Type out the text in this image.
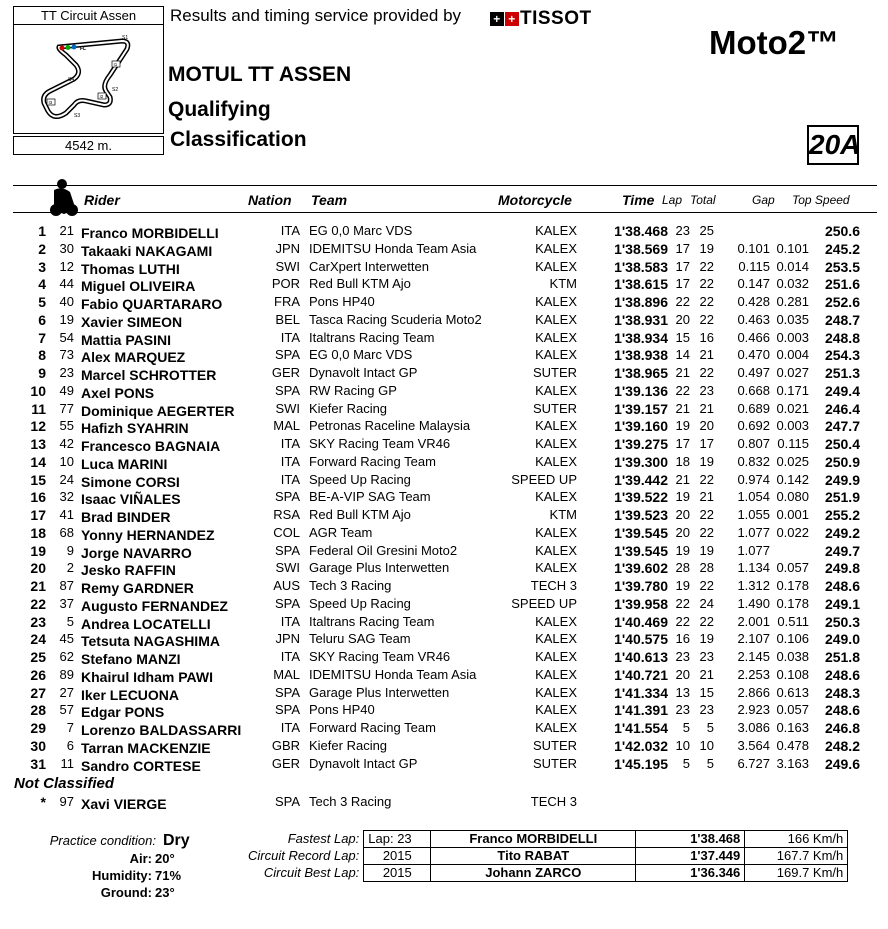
TT Circuit Assen
FL
S1
S2
S3
S4
I1
I2
I3
4542 m.
Results and timing service provided by	+ + TISSOT
MOTUL TT ASSEN
Qualifying
Classification
Moto2™
20A
Rider	Nation Team	Motorcycle	Time Lap Total	Gap Top Speed
1	21 Franco MORBIDELLI	ITA EG 0,0 Marc VDS	KALEX	1'38.468 23 25	250.6
2	30 Takaaki NAKAGAMI	JPN IDEMITSU Honda Team Asia	KALEX	1'38.569 17 19	0.101 0.101	245.2
3	12 Thomas LUTHI	SWI CarXpert Interwetten	KALEX	1'38.583 17 22	0.115 0.014	253.5
4	44 Miguel OLIVEIRA	POR Red Bull KTM Ajo	KTM	1'38.615 17 22	0.147 0.032	251.6
5	40 Fabio QUARTARARO	FRA Pons HP40	KALEX	1'38.896 22 22	0.428 0.281	252.6
6	19 Xavier SIMEON	BEL Tasca Racing Scuderia Moto2	KALEX	1'38.931 20 22	0.463 0.035	248.7
7	54 Mattia PASINI	ITA Italtrans Racing Team	KALEX	1'38.934 15 16	0.466 0.003	248.8
8	73 Alex MARQUEZ	SPA EG 0,0 Marc VDS	KALEX	1'38.938 14 21	0.470 0.004	254.3
9	23 Marcel SCHROTTER	GER Dynavolt Intact GP	SUTER	1'38.965 21 22	0.497 0.027	251.3
10	49 Axel PONS	SPA RW Racing GP	KALEX	1'39.136 22 23	0.668 0.171	249.4
11	77 Dominique AEGERTER	SWI Kiefer Racing	SUTER	1'39.157 21 21	0.689 0.021	246.4
12	55 Hafizh SYAHRIN	MAL Petronas Raceline Malaysia	KALEX	1'39.160 19 20	0.692 0.003	247.7
13	42 Francesco BAGNAIA	ITA SKY Racing Team VR46	KALEX	1'39.275 17 17	0.807 0.115	250.4
14	10 Luca MARINI	ITA Forward Racing Team	KALEX	1'39.300 18 19	0.832 0.025	250.9
15	24 Simone CORSI	ITA Speed Up Racing	SPEED UP	1'39.442 21 22	0.974 0.142	249.9
16	32 Isaac VIÑALES	SPA BE-A-VIP SAG Team	KALEX	1'39.522 19 21	1.054 0.080	251.9
17	41 Brad BINDER	RSA Red Bull KTM Ajo	KTM	1'39.523 20 22	1.055 0.001	255.2
18	68 Yonny HERNANDEZ	COL AGR Team	KALEX	1'39.545 20 22	1.077 0.022	249.2
19	9 Jorge NAVARRO	SPA Federal Oil Gresini Moto2	KALEX	1'39.545 19 19	1.077	249.7
20	2 Jesko RAFFIN	SWI Garage Plus Interwetten	KALEX	1'39.602 28 28	1.134 0.057	249.8
21	87 Remy GARDNER	AUS Tech 3 Racing	TECH 3	1'39.780 19 22	1.312 0.178	248.6
22	37 Augusto FERNANDEZ	SPA Speed Up Racing	SPEED UP	1'39.958 22 24	1.490 0.178	249.1
23	5 Andrea LOCATELLI	ITA Italtrans Racing Team	KALEX	1'40.469 22 22	2.001 0.511	250.3
24	45 Tetsuta NAGASHIMA	JPN Teluru SAG Team	KALEX	1'40.575 16 19	2.107 0.106	249.0
25	62 Stefano MANZI	ITA SKY Racing Team VR46	KALEX	1'40.613 23 23	2.145 0.038	251.8
26	89 Khairul Idham PAWI	MAL IDEMITSU Honda Team Asia	KALEX	1'40.721 20 21	2.253 0.108	248.6
27	27 Iker LECUONA	SPA Garage Plus Interwetten	KALEX	1'41.334 13 15	2.866 0.613	248.3
28	57 Edgar PONS	SPA Pons HP40	KALEX	1'41.391 23 23	2.923 0.057	248.6
29	7 Lorenzo BALDASSARRI	ITA Forward Racing Team	KALEX	1'41.554	5	5	3.086 0.163	246.8
30	6 Tarran MACKENZIE	GBR Kiefer Racing	SUTER	1'42.032 10 10	3.564 0.478	248.2
31	11 Sandro CORTESE	GER Dynavolt Intact GP	SUTER	1'45.195	5	5	6.727 3.163	249.6
Not Classified
*	97 Xavi VIERGE	SPA Tech 3 Racing	TECH 3
Practice condition: Dry
Air: 20°
Humidity: 71%
Ground: 23°
Fastest Lap:	Lap: 23	Franco MORBIDELLI	1'38.468	166 Km/h
Circuit Record Lap:	2015	Tito RABAT	1'37.449	167.7 Km/h
Circuit Best Lap:	2015	Johann ZARCO	1'36.346	169.7 Km/h
